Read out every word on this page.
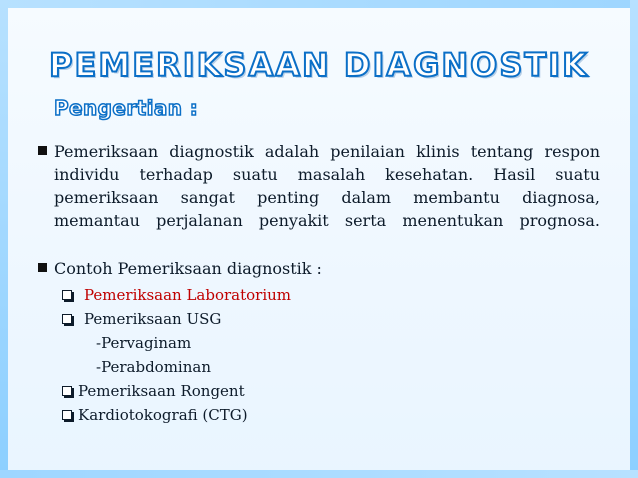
PEMERIKSAAN DIAGNOSTIK
Pengertian :
Pemeriksaan diagnostik adalah penilaian klinis tentang respon individu terhadap suatu masalah kesehatan. Hasil suatu pemeriksaan sangat penting dalam membantu diagnosa, memantau perjalanan penyakit serta menentukan prognosa.
Contoh Pemeriksaan diagnostik :
Pemeriksaan Laboratorium
Pemeriksaan USG
-Pervaginam
-Perabdominan
Pemeriksaan Rongent
Kardiotokografi (CTG)
